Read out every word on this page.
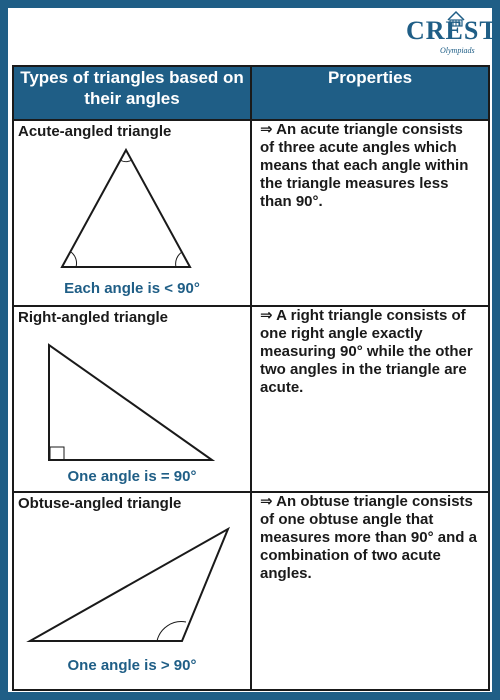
CREST
Olympiads
Types of triangles based on their angles	Properties

Acute-angled triangle
Each angle is < 90°	⇒ An acute triangle consists of three acute angles which means that each angle within the triangle measures less than 90°.

Right-angled triangle
One angle is = 90°	⇒ A right triangle consists of one right angle exactly measuring 90° while the other two angles in the triangle are acute.

Obtuse-angled triangle
One angle is > 90°	⇒ An obtuse triangle consists of one obtuse angle that measures more than 90° and a combination of two acute angles.
